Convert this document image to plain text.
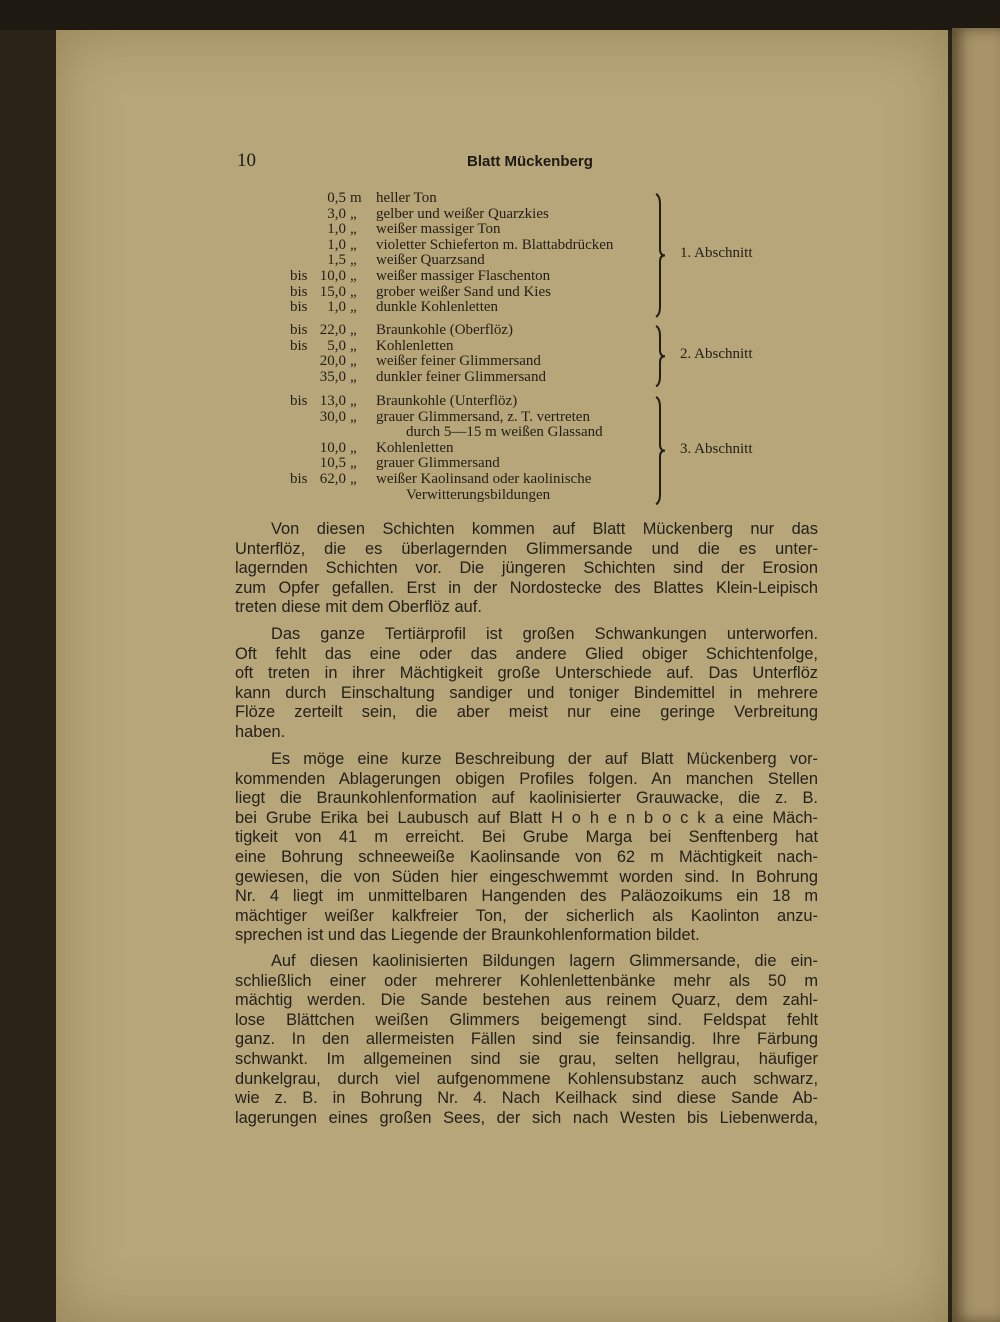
10	Blatt Mückenberg
0,5 m heller Ton
3,0 „ gelber und weißer Quarzkies
1,0 „ weißer massiger Ton
1,0 „ violetter Schieferton m. Blattabdrücken
1,5 „ weißer Quarzsand
bis 10,0 „ weißer massiger Flaschenton
bis 15,0 „ grober weißer Sand und Kies
bis 1,0 „ dunkle Kohlenletten
1. Abschnitt
bis 22,0 „ Braunkohle (Oberflöz)
bis 5,0 „ Kohlenletten
20,0 „ weißer feiner Glimmersand
35,0 „ dunkler feiner Glimmersand
2. Abschnitt
bis 13,0 „ Braunkohle (Unterflöz)
30,0 „ grauer Glimmersand, z. T. vertreten
durch 5—15 m weißen Glassand
10,0 „ Kohlenletten
10,5 „ grauer Glimmersand
bis 62,0 „ weißer Kaolinsand oder kaolinische
Verwitterungsbildungen
3. Abschnitt
Von diesen Schichten kommen auf Blatt Mückenberg nur das
Unterflöz, die es überlagernden Glimmersande und die es unter-
lagernden Schichten vor. Die jüngeren Schichten sind der Erosion
zum Opfer gefallen. Erst in der Nordostecke des Blattes Klein-Leipisch
treten diese mit dem Oberflöz auf.
Das ganze Tertiärprofil ist großen Schwankungen unterworfen.
Oft fehlt das eine oder das andere Glied obiger Schichtenfolge,
oft treten in ihrer Mächtigkeit große Unterschiede auf. Das Unterflöz
kann durch Einschaltung sandiger und toniger Bindemittel in mehrere
Flöze zerteilt sein, die aber meist nur eine geringe Verbreitung
haben.
Es möge eine kurze Beschreibung der auf Blatt Mückenberg vor-
kommenden Ablagerungen obigen Profiles folgen. An manchen Stellen
liegt die Braunkohlenformation auf kaolinisierter Grauwacke, die z. B.
bei Grube Erika bei Laubusch auf Blatt H o h e n b o c k a eine Mäch-
tigkeit von 41 m erreicht. Bei Grube Marga bei Senftenberg hat
eine Bohrung schneeweiße Kaolinsande von 62 m Mächtigkeit nach-
gewiesen, die von Süden hier eingeschwemmt worden sind. In Bohrung
Nr. 4 liegt im unmittelbaren Hangenden des Paläozoikums ein 18 m
mächtiger weißer kalkfreier Ton, der sicherlich als Kaolinton anzu-
sprechen ist und das Liegende der Braunkohlenformation bildet.
Auf diesen kaolinisierten Bildungen lagern Glimmersande, die ein-
schließlich einer oder mehrerer Kohlenlettenbänke mehr als 50 m
mächtig werden. Die Sande bestehen aus reinem Quarz, dem zahl-
lose Blättchen weißen Glimmers beigemengt sind. Feldspat fehlt
ganz. In den allermeisten Fällen sind sie feinsandig. Ihre Färbung
schwankt. Im allgemeinen sind sie grau, selten hellgrau, häufiger
dunkelgrau, durch viel aufgenommene Kohlensubstanz auch schwarz,
wie z. B. in Bohrung Nr. 4. Nach Keilhack sind diese Sande Ab-
lagerungen eines großen Sees, der sich nach Westen bis Liebenwerda,
